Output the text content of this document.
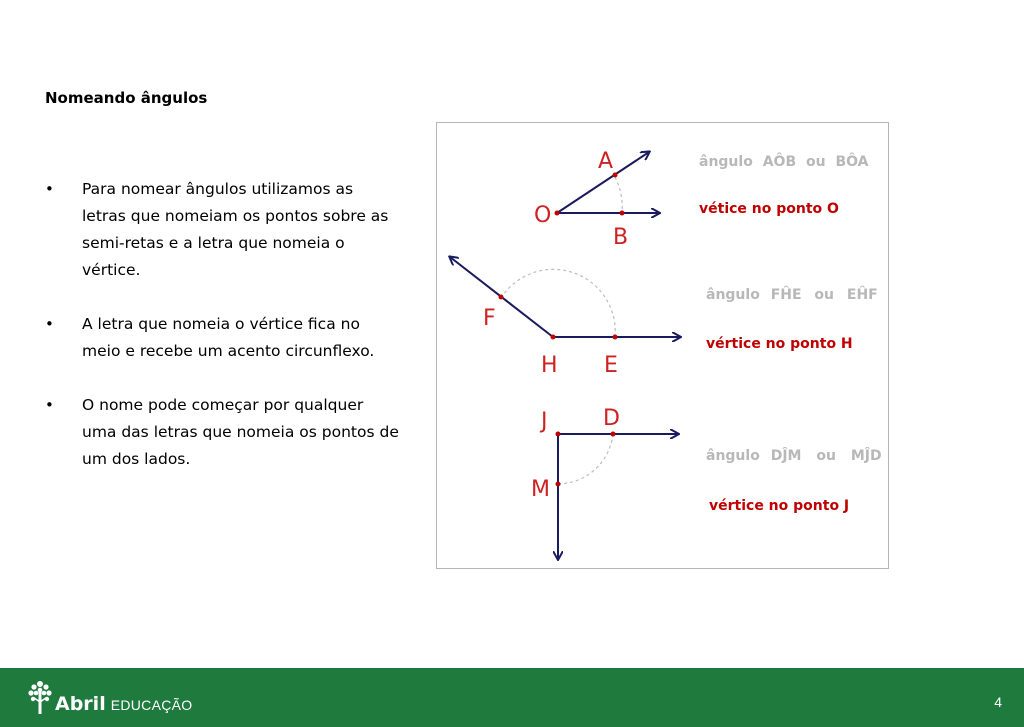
Nomeando ângulos
•	Para nomear ângulos utilizamos as letras que nomeiam os pontos sobre as semi-retas e a letra que nomeia o vértice.
•	A letra que nomeia o vértice fica no meio e recebe um acento circunflexo.
•	O nome pode começar por qualquer uma das letras que nomeia os pontos de um dos lados.
A
O
B
ângulo AÔB ou BÔA
vétice no ponto O
F
H E
ângulo FĤE ou EĤF
vértice no ponto H
J	D
M
ângulo DĴM ou MĴD
vértice no ponto J
Abril EDUCAÇÃO	4
